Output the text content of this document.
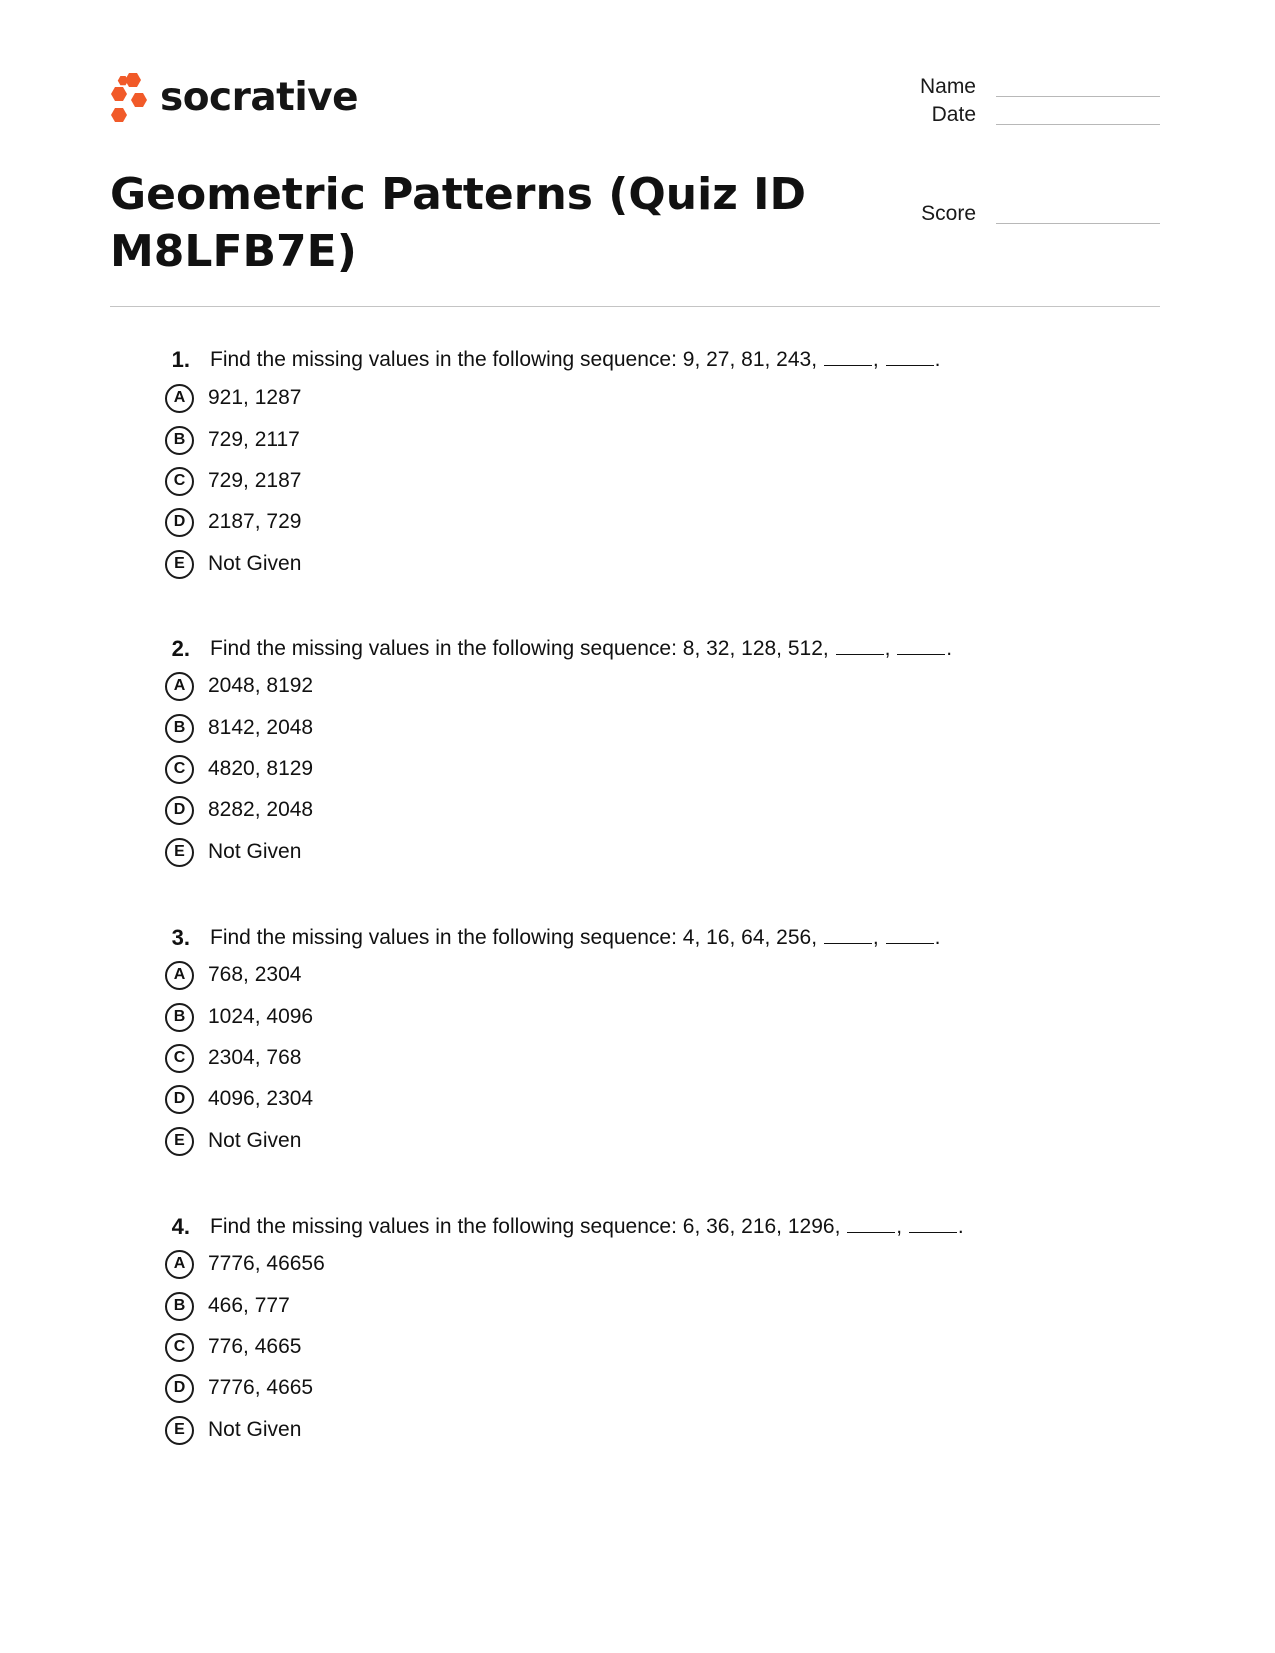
socrative	Name
Date
Score
Geometric Patterns (Quiz ID M8LFB7E)
1. Find the missing values in the following sequence: 9, 27, 81, 243,	, .
A	921, 1287
B	729, 2117
C	729, 2187
D	2187, 729
E	Not Given
2. Find the missing values in the following sequence: 8, 32, 128, 512,	, .
A	2048, 8192
B	8142, 2048
C	4820, 8129
D	8282, 2048
E	Not Given
3. Find the missing values in the following sequence: 4, 16, 64, 256,	, .
A	768, 2304
B	1024, 4096
C	2304, 768
D	4096, 2304
E	Not Given
4. Find the missing values in the following sequence: 6, 36, 216, 1296,	, .
A	7776, 46656
B	466, 777
C	776, 4665
D	7776, 4665
E	Not Given
